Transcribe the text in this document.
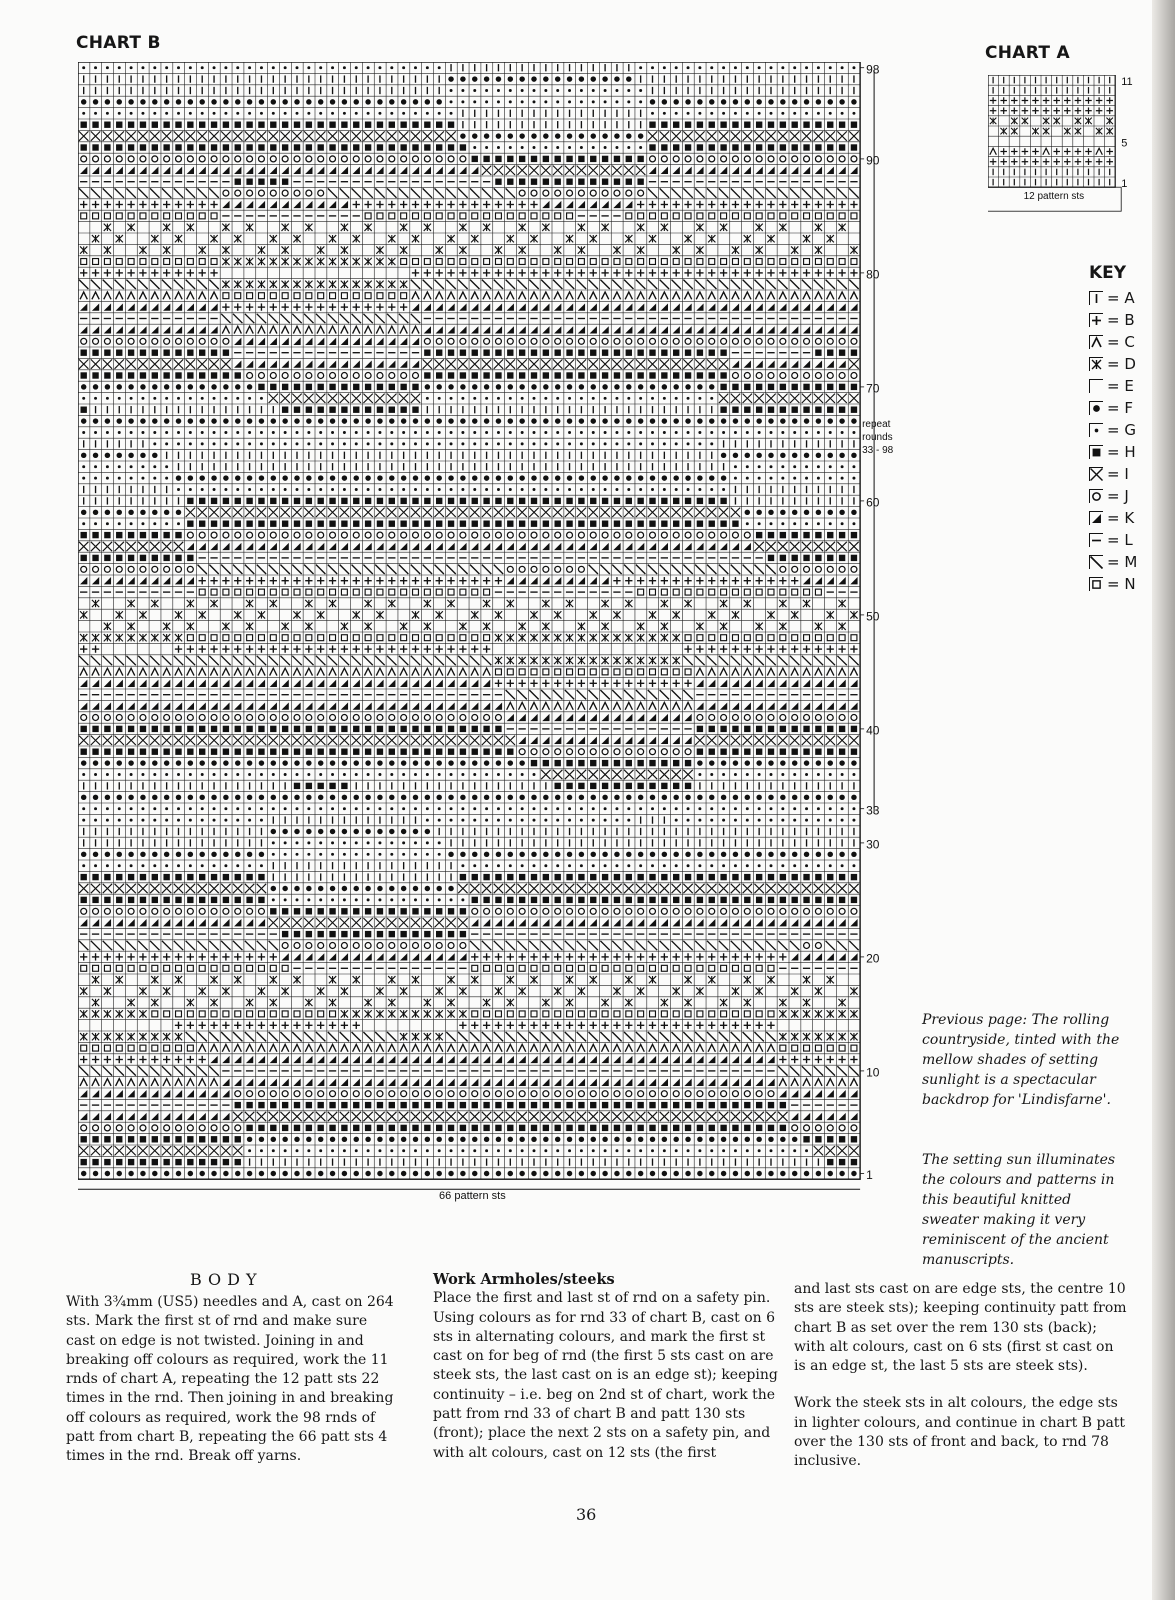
CHART B
98
90
80
70
60
50
40
33
30
20
10
1
repeat
rounds
33 - 98
66 pattern sts
CHART A
11
5
1
12 pattern sts
KEY
= A
= B
= C
= D
= E
= F
= G
= H
= I
= J
= K
= L
= M
= N
Previous page: The rolling countryside, tinted with the mellow shades of setting sunlight is a spectacular backdrop for 'Lindisfarne'.
The setting sun illuminates the colours and patterns in this beautiful knitted sweater making it very reminiscent of the ancient manuscripts.
BODY

With 3¾mm (US5) needles and A, cast on 264 sts. Mark the first st of rnd and make sure cast on edge is not twisted. Joining in and breaking off colours as required, work the 11 rnds of chart A, repeating the 12 patt sts 22 times in the rnd. Then joining in and breaking off colours as required, work the 98 rnds of patt from chart B, repeating the 66 patt sts 4 times in the rnd. Break off yarns.

Work Armholes/steeks

Place the first and last st of rnd on a safety pin. Using colours as for rnd 33 of chart B, cast on 6 sts in alternating colours, and mark the first st cast on for beg of rnd (the first 5 sts cast on are steek sts, the last cast on is an edge st); keeping continuity – i.e. beg on 2nd st of chart, work the patt from rnd 33 of chart B and patt 130 sts (front); place the next 2 sts on a safety pin, and with alt colours, cast on 12 sts (the first

and last sts cast on are edge sts, the centre 10 sts are steek sts); keeping continuity patt from chart B as set over the rem 130 sts (back); with alt colours, cast on 6 sts (first st cast on is an edge st, the last 5 sts are steek sts).

Work the steek sts in alt colours, the edge sts in lighter colours, and continue in chart B patt over the 130 sts of front and back, to rnd 78 inclusive.

36
